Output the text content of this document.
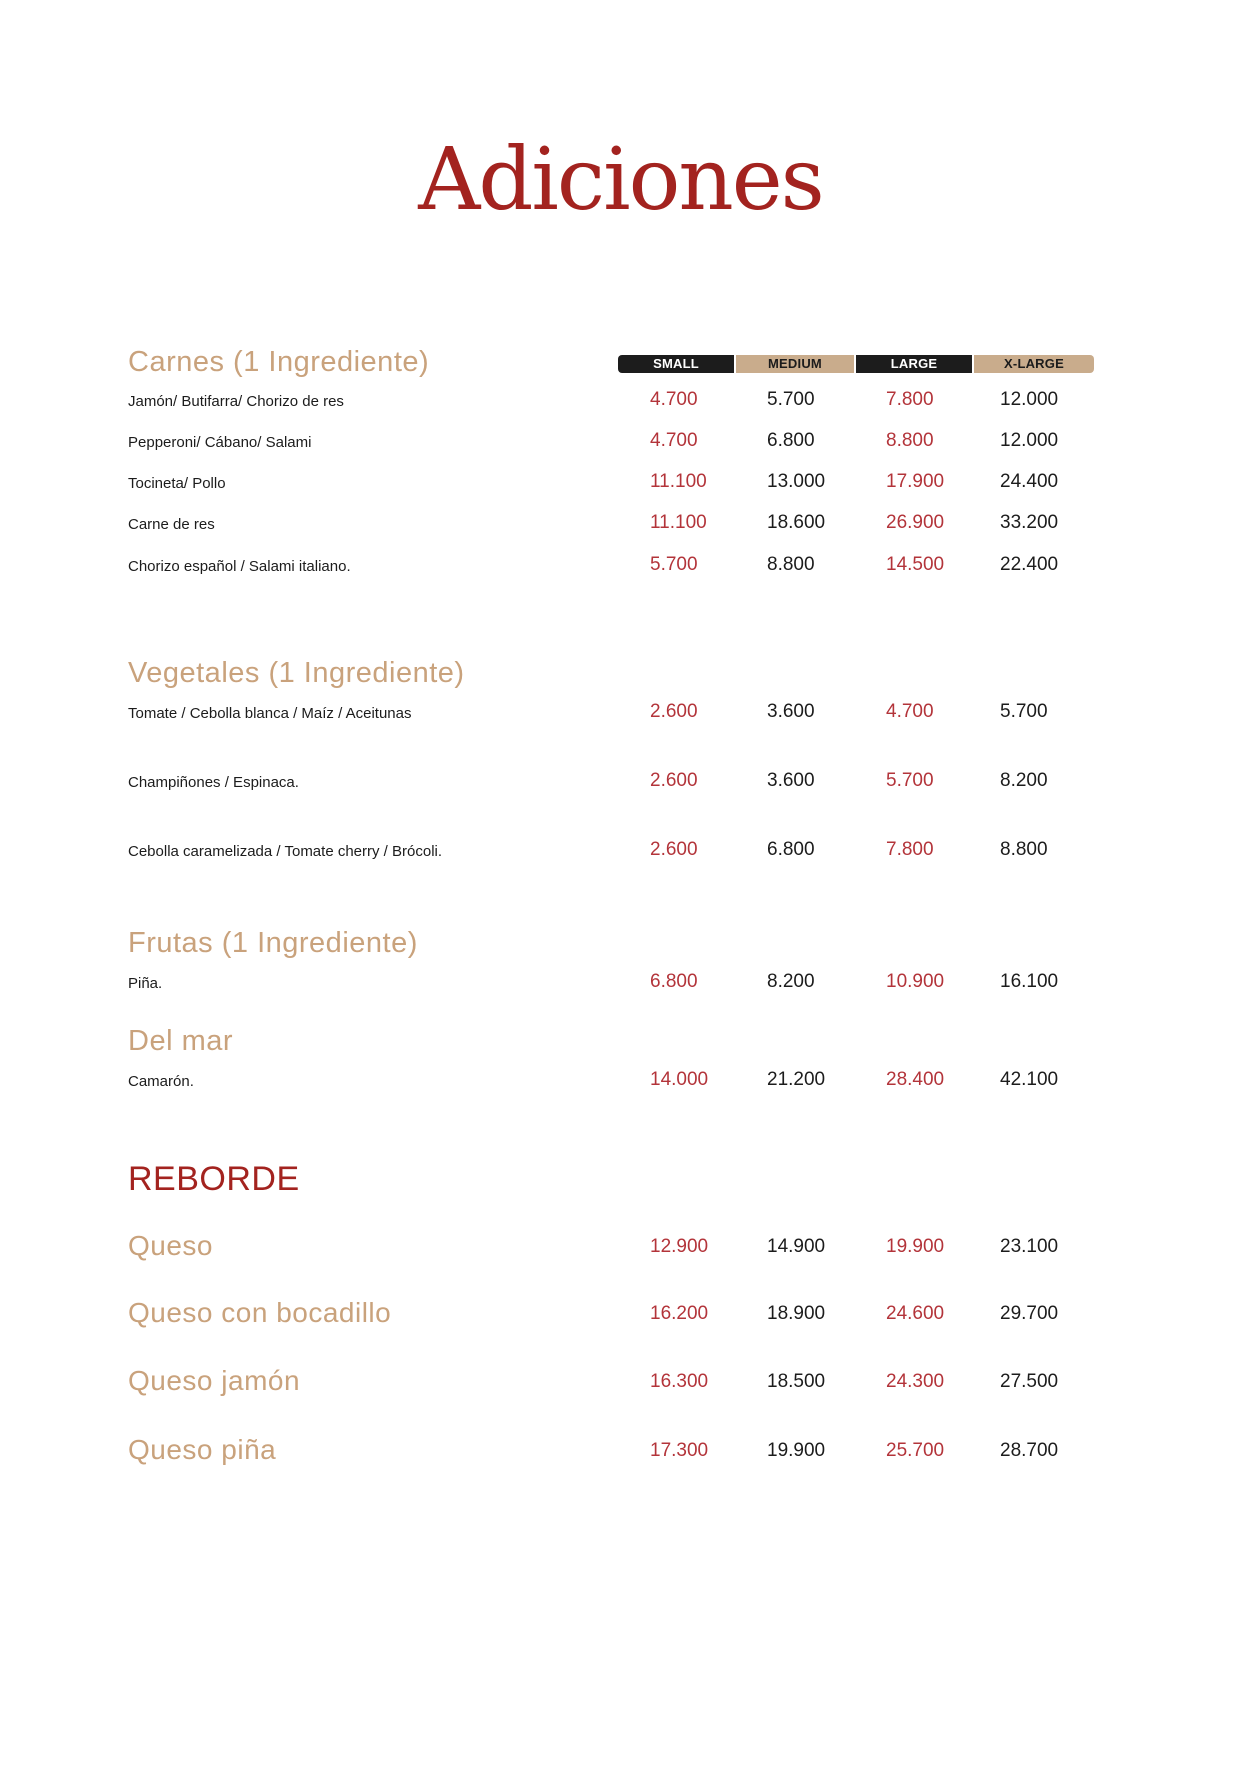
Adiciones
SMALL	MEDIUM	LARGE	X-LARGE
Carnes (1 Ingrediente)
Jamón/ Butifarra/ Chorizo de res	4.700	5.700	7.800	12.000
Pepperoni/ Cábano/ Salami	4.700	6.800	8.800	12.000
Tocineta/ Pollo	11.100	13.000	17.900	24.400
Carne de res	11.100	18.600	26.900	33.200
Chorizo español / Salami italiano.	5.700	8.800	14.500	22.400
Vegetales (1 Ingrediente)
Tomate / Cebolla blanca / Maíz / Aceitunas	2.600	3.600	4.700	5.700
Champiñones / Espinaca.	2.600	3.600	5.700	8.200
Cebolla caramelizada / Tomate cherry / Brócoli.	2.600	6.800	7.800	8.800
Frutas (1 Ingrediente)
Piña.	6.800	8.200	10.900	16.100
Del mar
Camarón.	14.000	21.200	28.400	42.100
REBORDE
Queso	12.900	14.900	19.900	23.100
Queso con bocadillo	16.200	18.900	24.600	29.700
Queso jamón	16.300	18.500	24.300	27.500
Queso piña	17.300	19.900	25.700	28.700
